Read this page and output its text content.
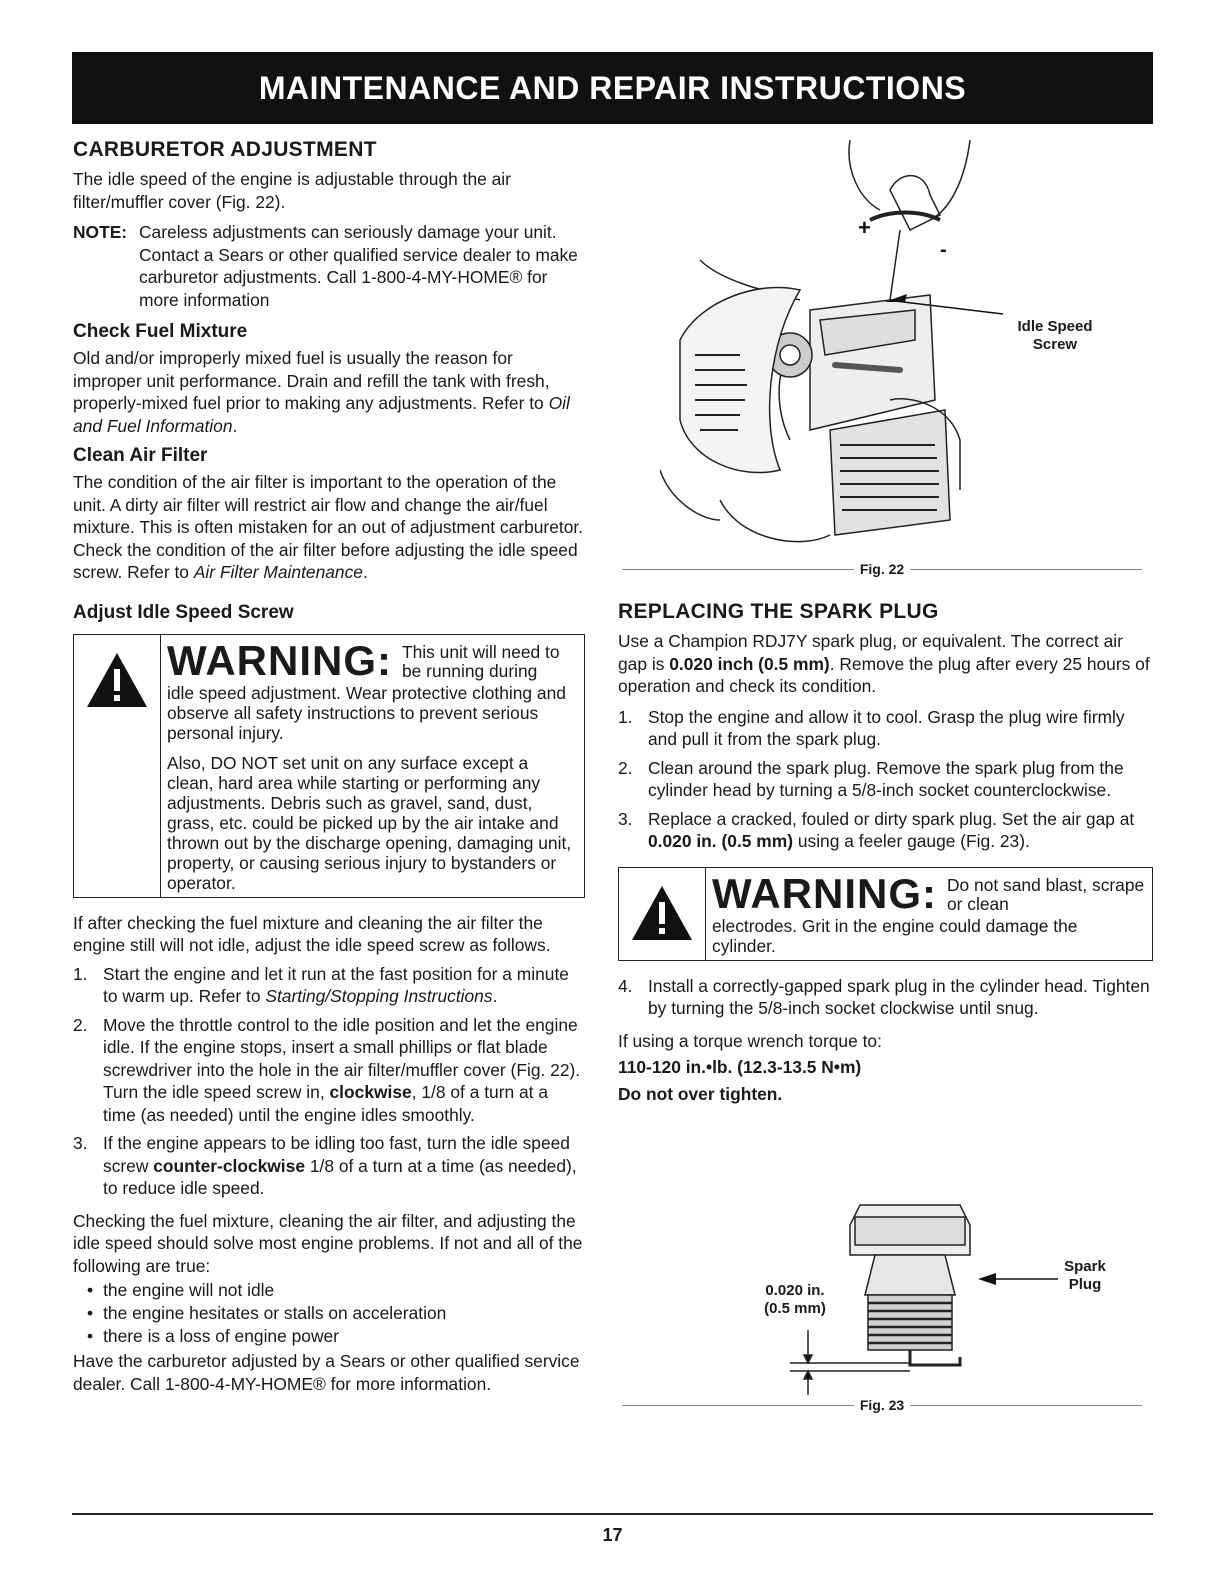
MAINTENANCE AND REPAIR INSTRUCTIONS
CARBURETOR ADJUSTMENT

The idle speed of the engine is adjustable through the air filter/muffler cover (Fig. 22).

NOTE: Careless adjustments can seriously damage your unit. Contact a Sears or other qualified service dealer to make carburetor adjustments. Call 1-800-4-MY-HOME® for more information
Check Fuel Mixture

Old and/or improperly mixed fuel is usually the reason for improper unit performance. Drain and refill the tank with fresh, properly-mixed fuel prior to making any adjustments. Refer to Oil and Fuel Information.

Clean Air Filter

The condition of the air filter is important to the operation of the unit. A dirty air filter will restrict air flow and change the air/fuel mixture. This is often mistaken for an out of adjustment carburetor. Check the condition of the air filter before adjusting the idle speed screw. Refer to Air Filter Maintenance.

Adjust Idle Speed Screw
WARNING: This unit will need to be running during

idle speed adjustment. Wear protective clothing and observe all safety instructions to prevent serious personal injury.

Also, DO NOT set unit on any surface except a clean, hard area while starting or performing any adjustments. Debris such as gravel, sand, dust, grass, etc. could be picked up by the air intake and thrown out by the discharge opening, damaging unit, property, or causing serious injury to bystanders or operator.

If after checking the fuel mixture and cleaning the air filter the engine still will not idle, adjust the idle speed screw as follows.

1. Start the engine and let it run at the fast position for a minute to warm up. Refer to Starting/Stopping Instructions.
2. Move the throttle control to the idle position and let the engine idle. If the engine stops, insert a small phillips or flat blade screwdriver into the hole in the air filter/muffler cover (Fig. 22). Turn the idle speed screw in, clockwise, 1/8 of a turn at a time (as needed) until the engine idles smoothly.
3. If the engine appears to be idling too fast, turn the idle speed screw counter-clockwise 1/8 of a turn at a time (as needed), to reduce idle speed.

Checking the fuel mixture, cleaning the air filter, and adjusting the idle speed should solve most engine problems. If not and all of the following are true:

• the engine will not idle
• the engine hesitates or stalls on acceleration
• there is a loss of engine power

Have the carburetor adjusted by a Sears or other qualified service dealer. Call 1-800-4-MY-HOME® for more information.

+
-
Idle Speed
Screw
Fig. 22
REPLACING THE SPARK PLUG

Use a Champion RDJ7Y spark plug, or equivalent. The correct air gap is 0.020 inch (0.5 mm). Remove the plug after every 25 hours of operation and check its condition.

1. Stop the engine and allow it to cool. Grasp the plug wire firmly and pull it from the spark plug.
2. Clean around the spark plug. Remove the spark plug from the cylinder head by turning a 5/8-inch socket counterclockwise.
3. Replace a cracked, fouled or dirty spark plug. Set the air gap at 0.020 in. (0.5 mm) using a feeler gauge (Fig. 23).
WARNING: Do not sand blast, scrape or clean

electrodes. Grit in the engine could damage the cylinder.

4. Install a correctly-gapped spark plug in the cylinder head. Tighten by turning the 5/8-inch socket clockwise until snug.

If using a torque wrench torque to:

110-120 in.•lb. (12.3-13.5 N•m)

Do not over tighten.

0.020 in.
(0.5 mm)
Spark
Plug
Fig. 23
17
